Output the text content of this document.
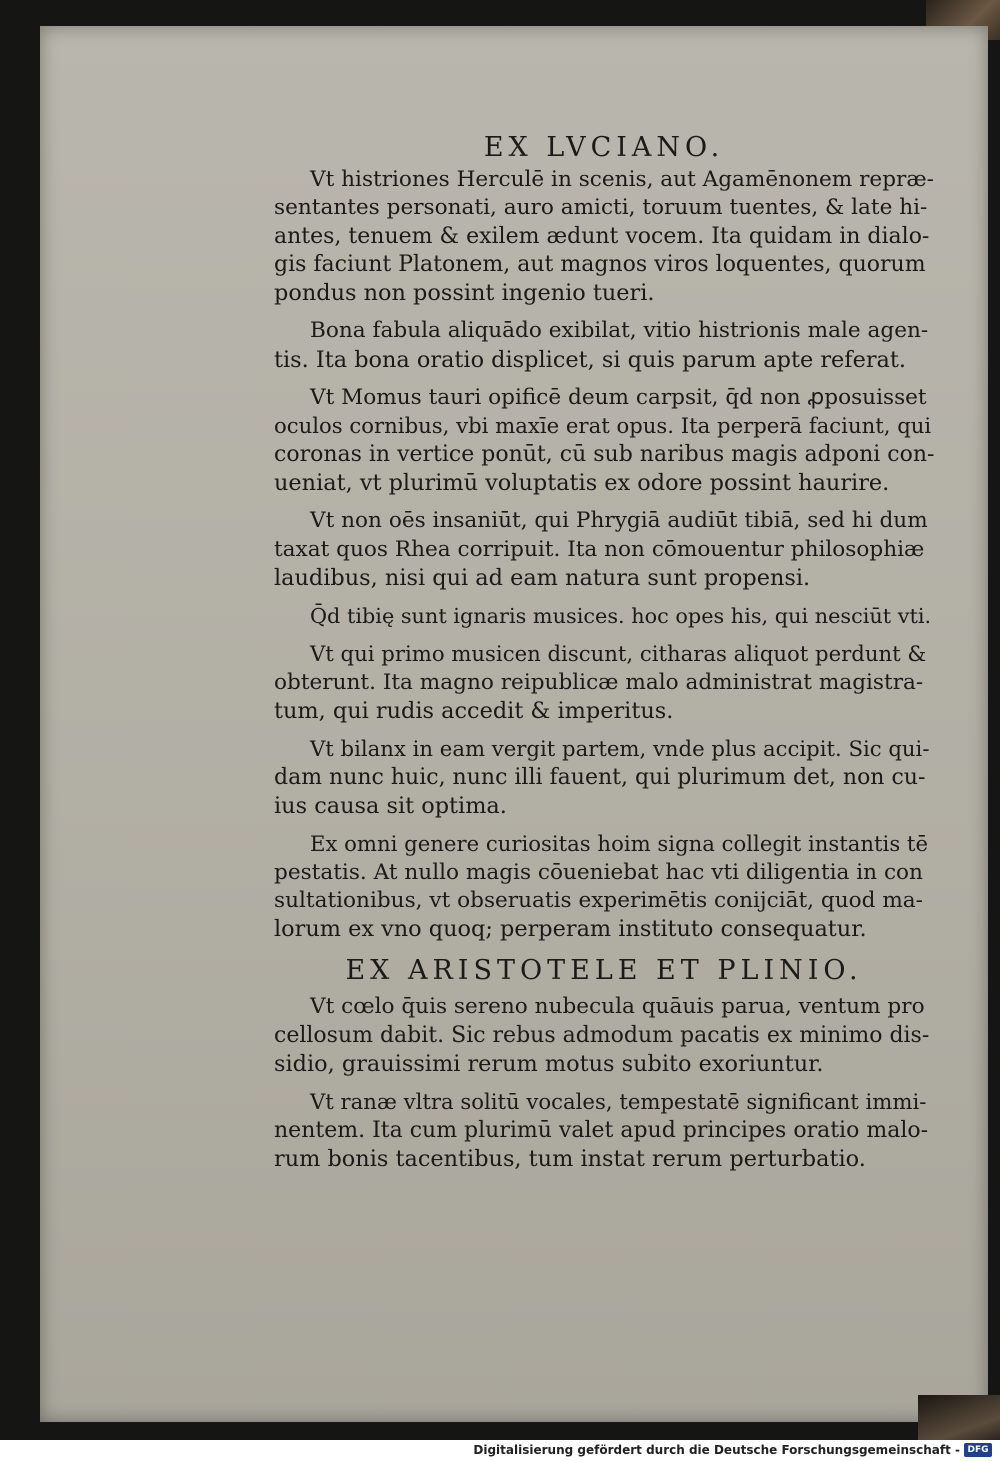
EX LVCIANO.
Vt histriones Herculē in scenis, aut Agamēnonem repræ-
sentantes personati, auro amicti, toruum tuentes, & late hi-
antes, tenuem & exilem ædunt vocem. Ita quidam in dialo-
gis faciunt Platonem, aut magnos viros loquentes, quorum
pondus non possint ingenio tueri.
Bona fabula aliquādo exibilat, vitio histrionis male agen-
tis. Ita bona oratio displicet, si quis parum apte referat.
Vt Momus tauri opificē deum carpsit, q̄d non ꝓposuisset
oculos cornibus, vbi maxīe erat opus. Ita perperā faciunt, qui
coronas in vertice ponūt, cū sub naribus magis adponi con-
ueniat, vt plurimū voluptatis ex odore possint haurire.
Vt non oēs insaniūt, qui Phrygiā audiūt tibiā, sed hi dum
taxat quos Rhea corripuit. Ita non cōmouentur philosophiæ
laudibus, nisi qui ad eam natura sunt propensi.
Q̄d tibię sunt ignaris musices. hoc opes his, qui nesciūt vti.
Vt qui primo musicen discunt, citharas aliquot perdunt &
obterunt. Ita magno reipublicæ malo administrat magistra-
tum, qui rudis accedit & imperitus.
Vt bilanx in eam vergit partem, vnde plus accipit. Sic qui-
dam nunc huic, nunc illi fauent, qui plurimum det, non cu-
ius causa sit optima.
Ex omni genere curiositas hoim signa collegit instantis tē
pestatis. At nullo magis cōueniebat hac vti diligentia in con
sultationibus, vt obseruatis experimētis conijciāt, quod ma-
lorum ex vno quoq; perperam instituto consequatur.
EX ARISTOTELE ET PLINIO.
Vt cœlo q̄uis sereno nubecula quāuis parua, ventum pro
cellosum dabit. Sic rebus admodum pacatis ex minimo dis-
sidio, grauissimi rerum motus subito exoriuntur.
Vt ranæ vltra solitū vocales, tempestatē significant immi-
nentem. Ita cum plurimū valet apud principes oratio malo-
rum bonis tacentibus, tum instat rerum perturbatio.
Digitalisierung gefördert durch die Deutsche Forschungsgemeinschaft - DFG
